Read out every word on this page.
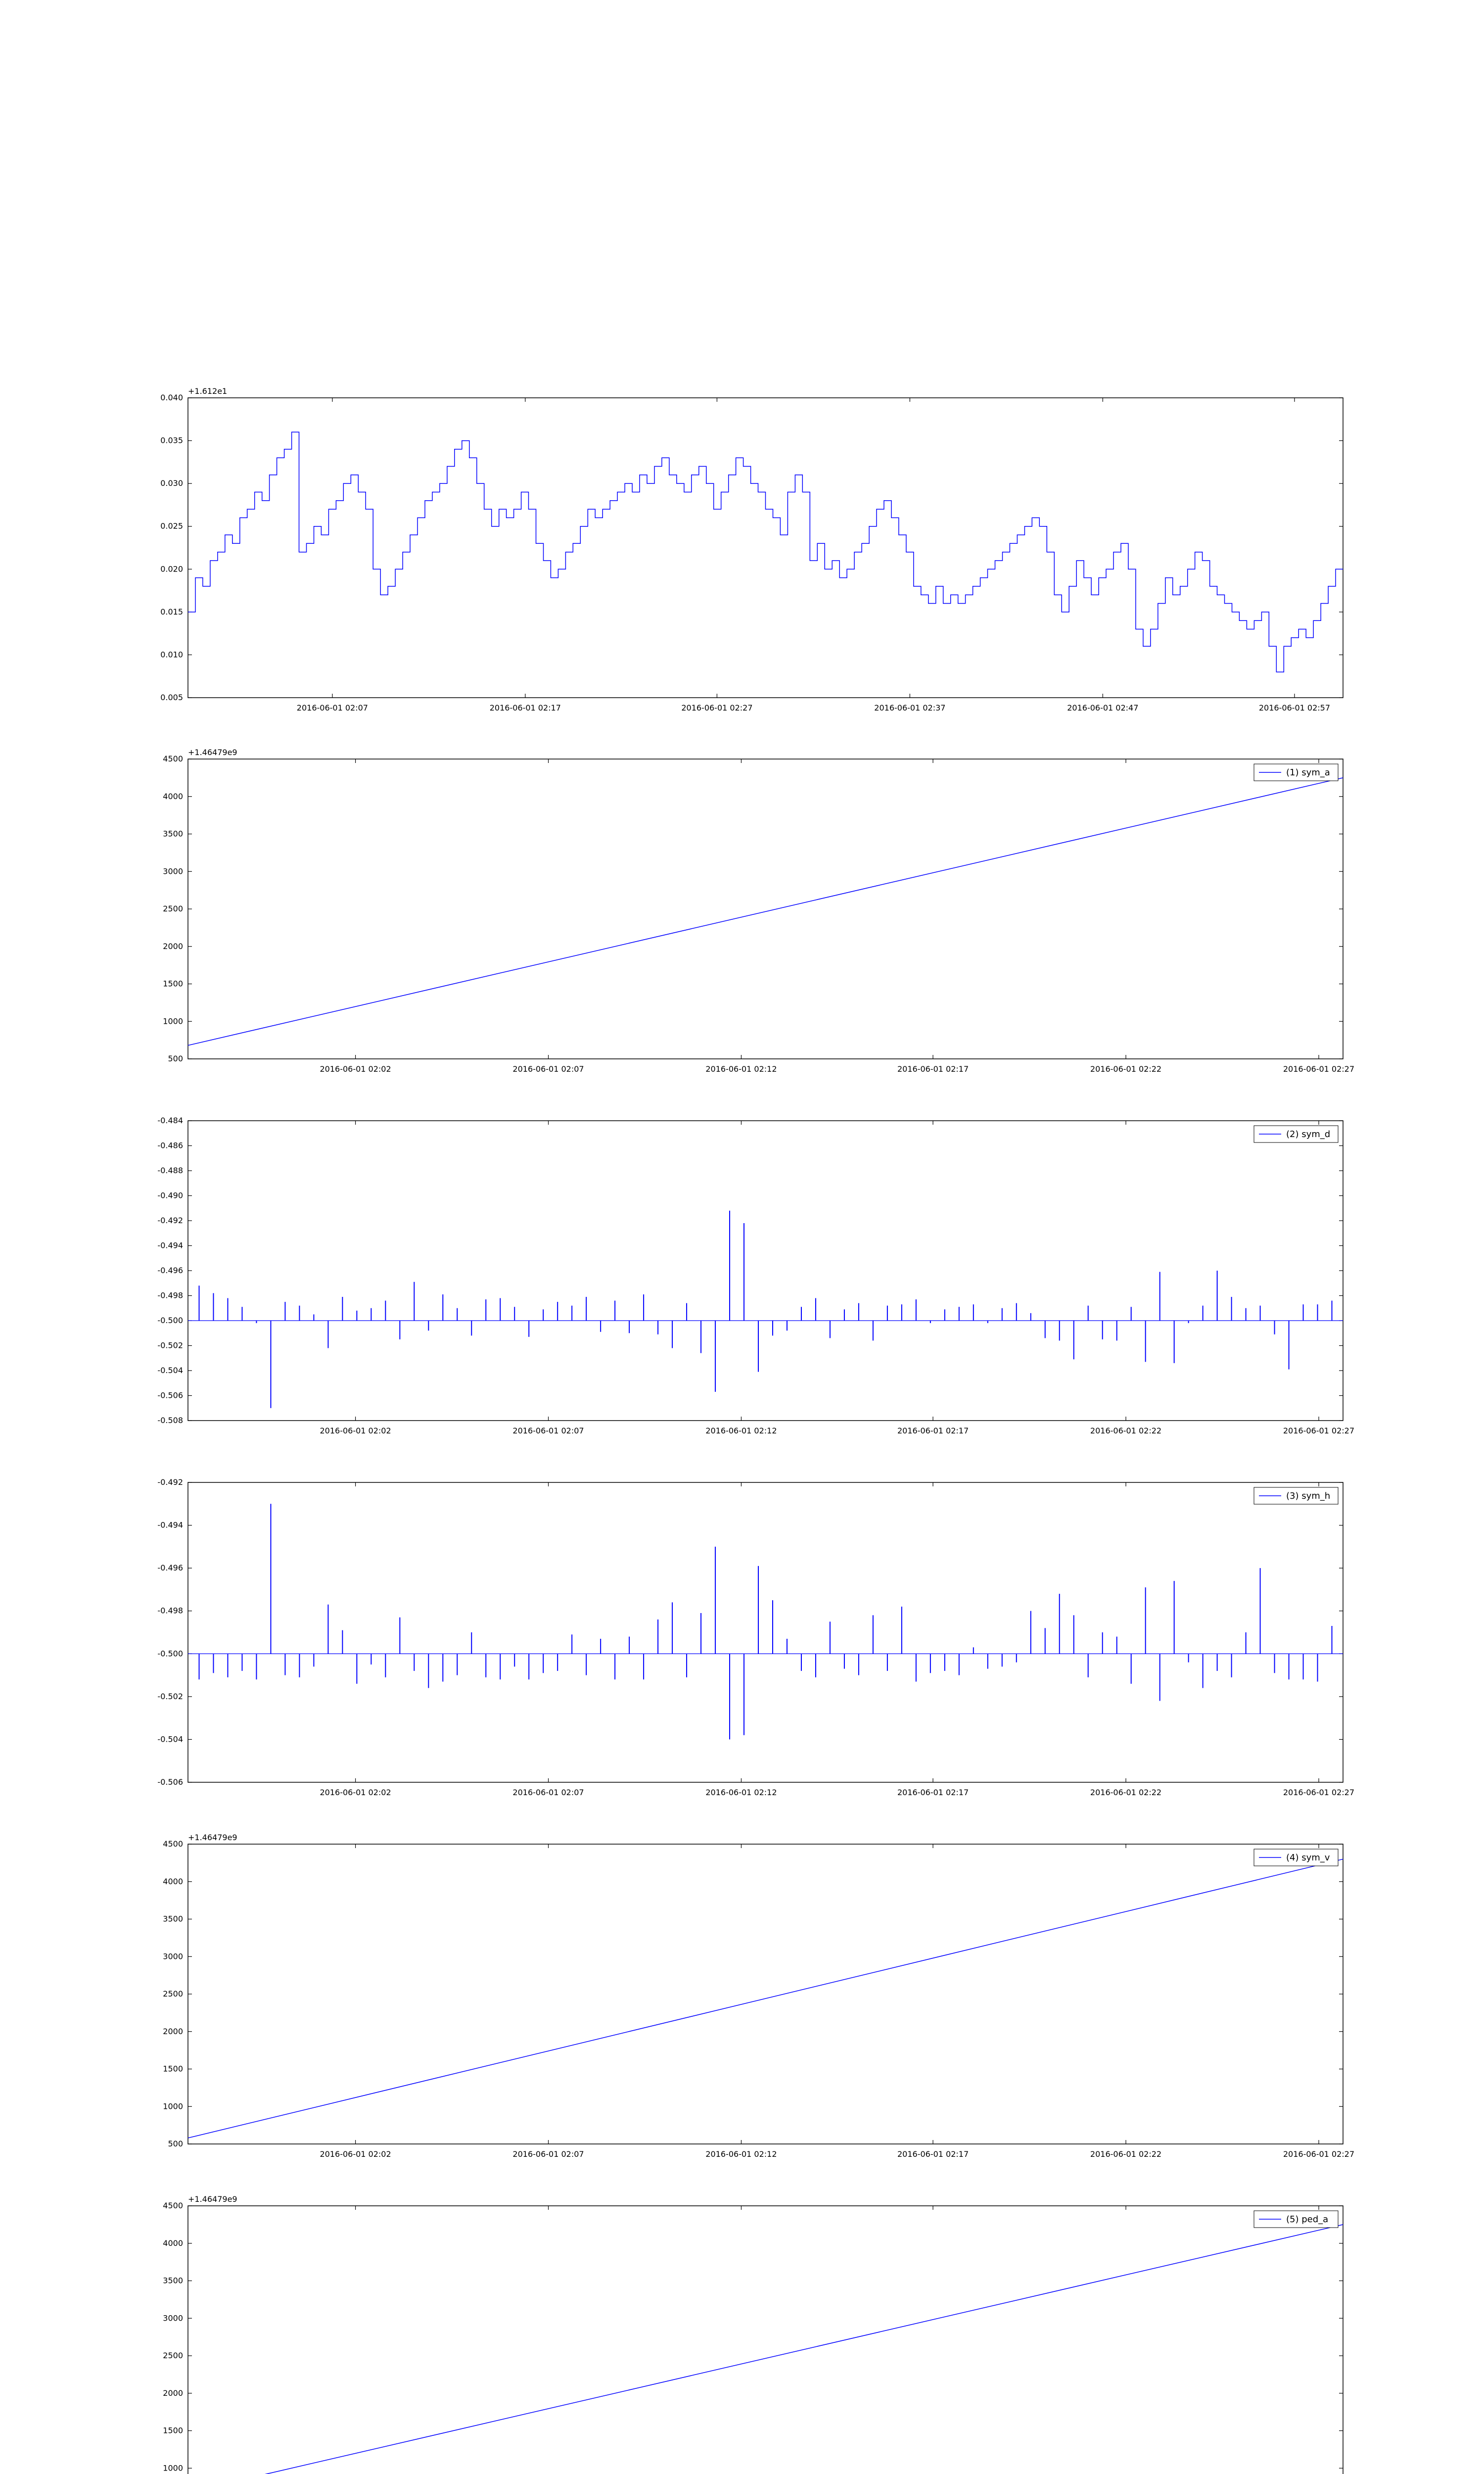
0.005
0.010
0.015
0.020
0.025
0.030
0.035
0.040
2016-06-01 02:07	2016-06-01 02:17	2016-06-01 02:27	2016-06-01 02:37	2016-06-01 02:47	2016-06-01 02:57
+1.612e1
500
1000
1500
2000
2500
3000
3500
4000
4500
2016-06-01 02:02	2016-06-01 02:07	2016-06-01 02:12	2016-06-01 02:17	2016-06-01 02:22	2016-06-01 02:27
+1.46479e9
(1) sym_a
-0.484
-0.486
-0.488
-0.490
-0.492
-0.494
-0.496
-0.498
-0.500
-0.502
-0.504
-0.506
-0.508
2016-06-01 02:02	2016-06-01 02:07	2016-06-01 02:12	2016-06-01 02:17	2016-06-01 02:22	2016-06-01 02:27
(2) sym_d
-0.492
-0.494
-0.496
-0.498
-0.500
-0.502
-0.504
-0.506
2016-06-01 02:02	2016-06-01 02:07	2016-06-01 02:12	2016-06-01 02:17	2016-06-01 02:22	2016-06-01 02:27
(3) sym_h
500
1000
1500
2000
2500
3000
3500
4000
4500
2016-06-01 02:02	2016-06-01 02:07	2016-06-01 02:12	2016-06-01 02:17	2016-06-01 02:22	2016-06-01 02:27
+1.46479e9
(4) sym_v
1000
1500
2000
2500
3000
3500
4000
4500
+1.46479e9
(5) ped_a
